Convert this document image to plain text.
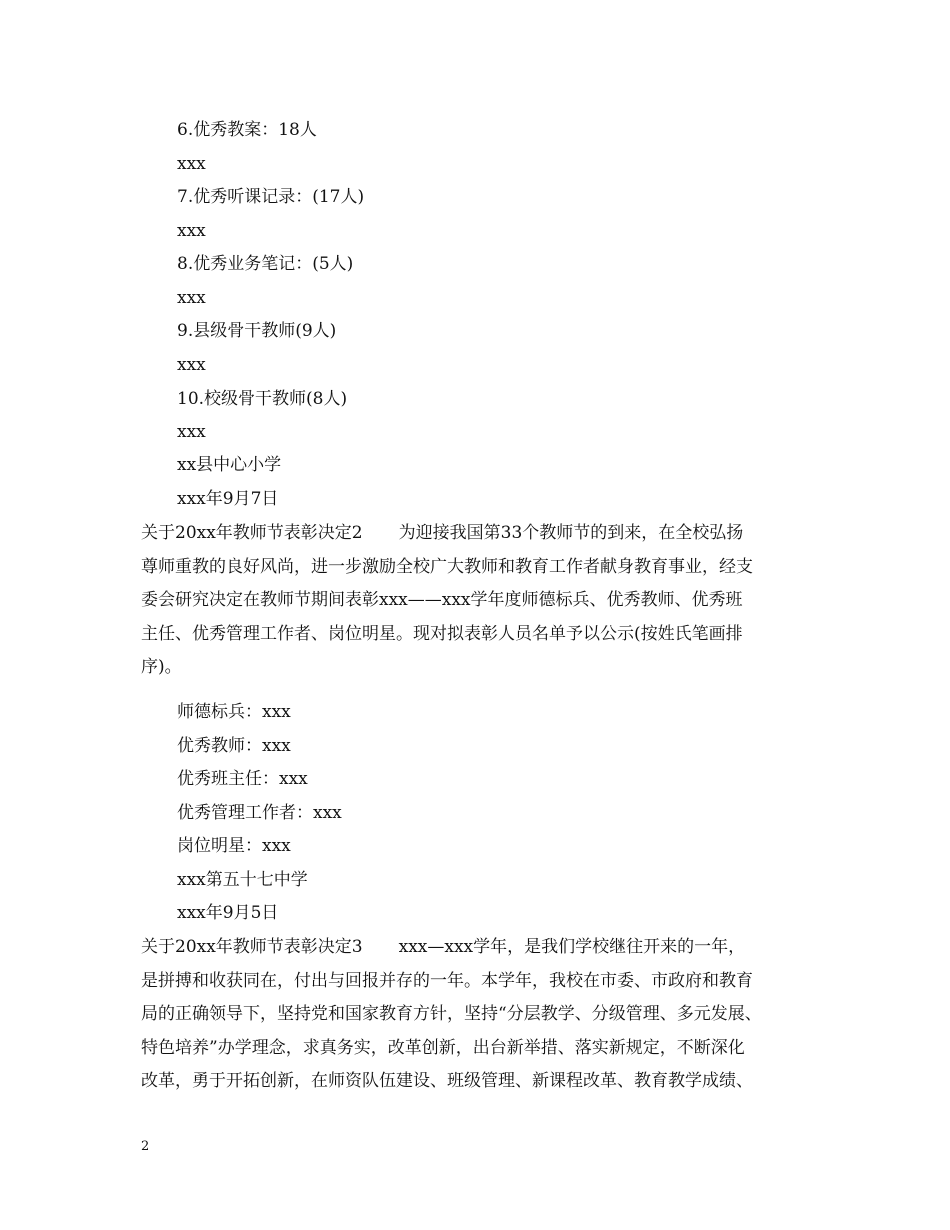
6.优秀教案：18人
xxx
7.优秀听课记录：(17人)
xxx
8.优秀业务笔记：(5人)
xxx
9.县级骨干教师(9人)
xxx
10.校级骨干教师(8人)
xxx
xx县中心小学
xxx年9月7日
关于20xx年教师节表彰决定2 为迎接我国第33个教师节的到来，在全校弘扬
尊师重教的良好风尚，进一步激励全校广大教师和教育工作者献身教育事业，经支
委会研究决定在教师节期间表彰xxx——xxx学年度师德标兵、优秀教师、优秀班
主任、优秀管理工作者、岗位明星。现对拟表彰人员名单予以公示(按姓氏笔画排
序)。
师德标兵：xxx
优秀教师：xxx
优秀班主任：xxx
优秀管理工作者：xxx
岗位明星：xxx
xxx第五十七中学
xxx年9月5日
关于20xx年教师节表彰决定3 xxx—xxx学年，是我们学校继往开来的一年，
是拼搏和收获同在，付出与回报并存的一年。本学年，我校在市委、市政府和教育
局的正确领导下，坚持党和国家教育方针，坚持“分层教学、分级管理、多元发展、
特色培养”办学理念，求真务实，改革创新，出台新举措、落实新规定，不断深化
改革，勇于开拓创新，在师资队伍建设、班级管理、新课程改革、教育教学成绩、
2
